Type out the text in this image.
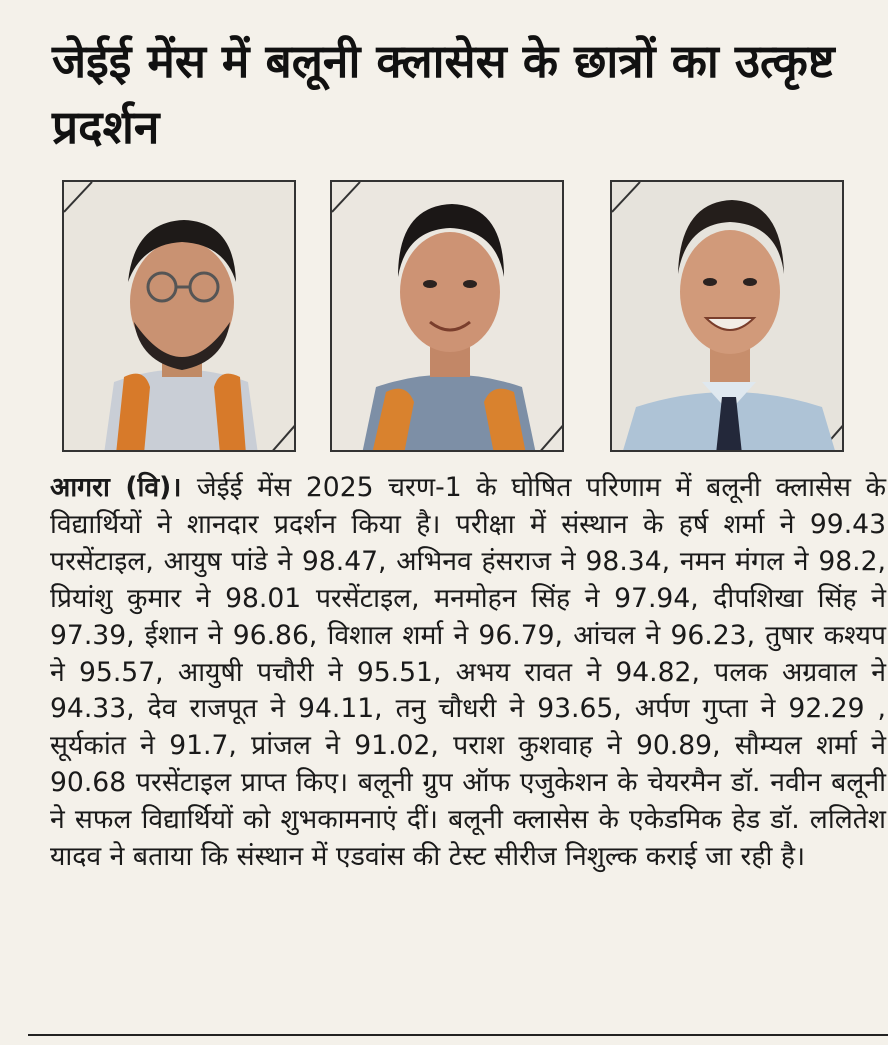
जेईई मेंस में बलूनी क्लासेस के छात्रों का उत्कृष्ट प्रदर्शन
आगरा (वि)। जेईई मेंस 2025 चरण-1 के घोषित परिणाम में बलूनी क्लासेस के विद्यार्थियों ने शानदार प्रदर्शन किया है। परीक्षा में संस्थान के हर्ष शर्मा ने 99.43 परसेंटाइल, आयुष पांडे ने 98.47, अभिनव हंसराज ने 98.34, नमन मंगल ने 98.2, प्रियांशु कुमार ने 98.01 परसेंटाइल, मनमोहन सिंह ने 97.94, दीपशिखा सिंह ने 97.39, ईशान ने 96.86, विशाल शर्मा ने 96.79, आंचल ने 96.23, तुषार कश्यप ने 95.57, आयुषी पचौरी ने 95.51, अभय रावत ने 94.82, पलक अग्रवाल ने 94.33, देव राजपूत ने 94.11, तनु चौधरी ने 93.65, अर्पण गुप्ता ने 92.29 , सूर्यकांत ने 91.7, प्रांजल ने 91.02, पराश कुशवाह ने 90.89, सौम्यल शर्मा ने 90.68 परसेंटाइल प्राप्त किए। बलूनी ग्रुप ऑफ एजुकेशन के चेयरमैन डॉ. नवीन बलूनी ने सफल विद्यार्थियों को शुभकामनाएं दीं। बलूनी क्लासेस के एकेडमिक हेड डॉ. ललितेश यादव ने बताया कि संस्थान में एडवांस की टेस्ट सीरीज निशुल्क कराई जा रही है।
